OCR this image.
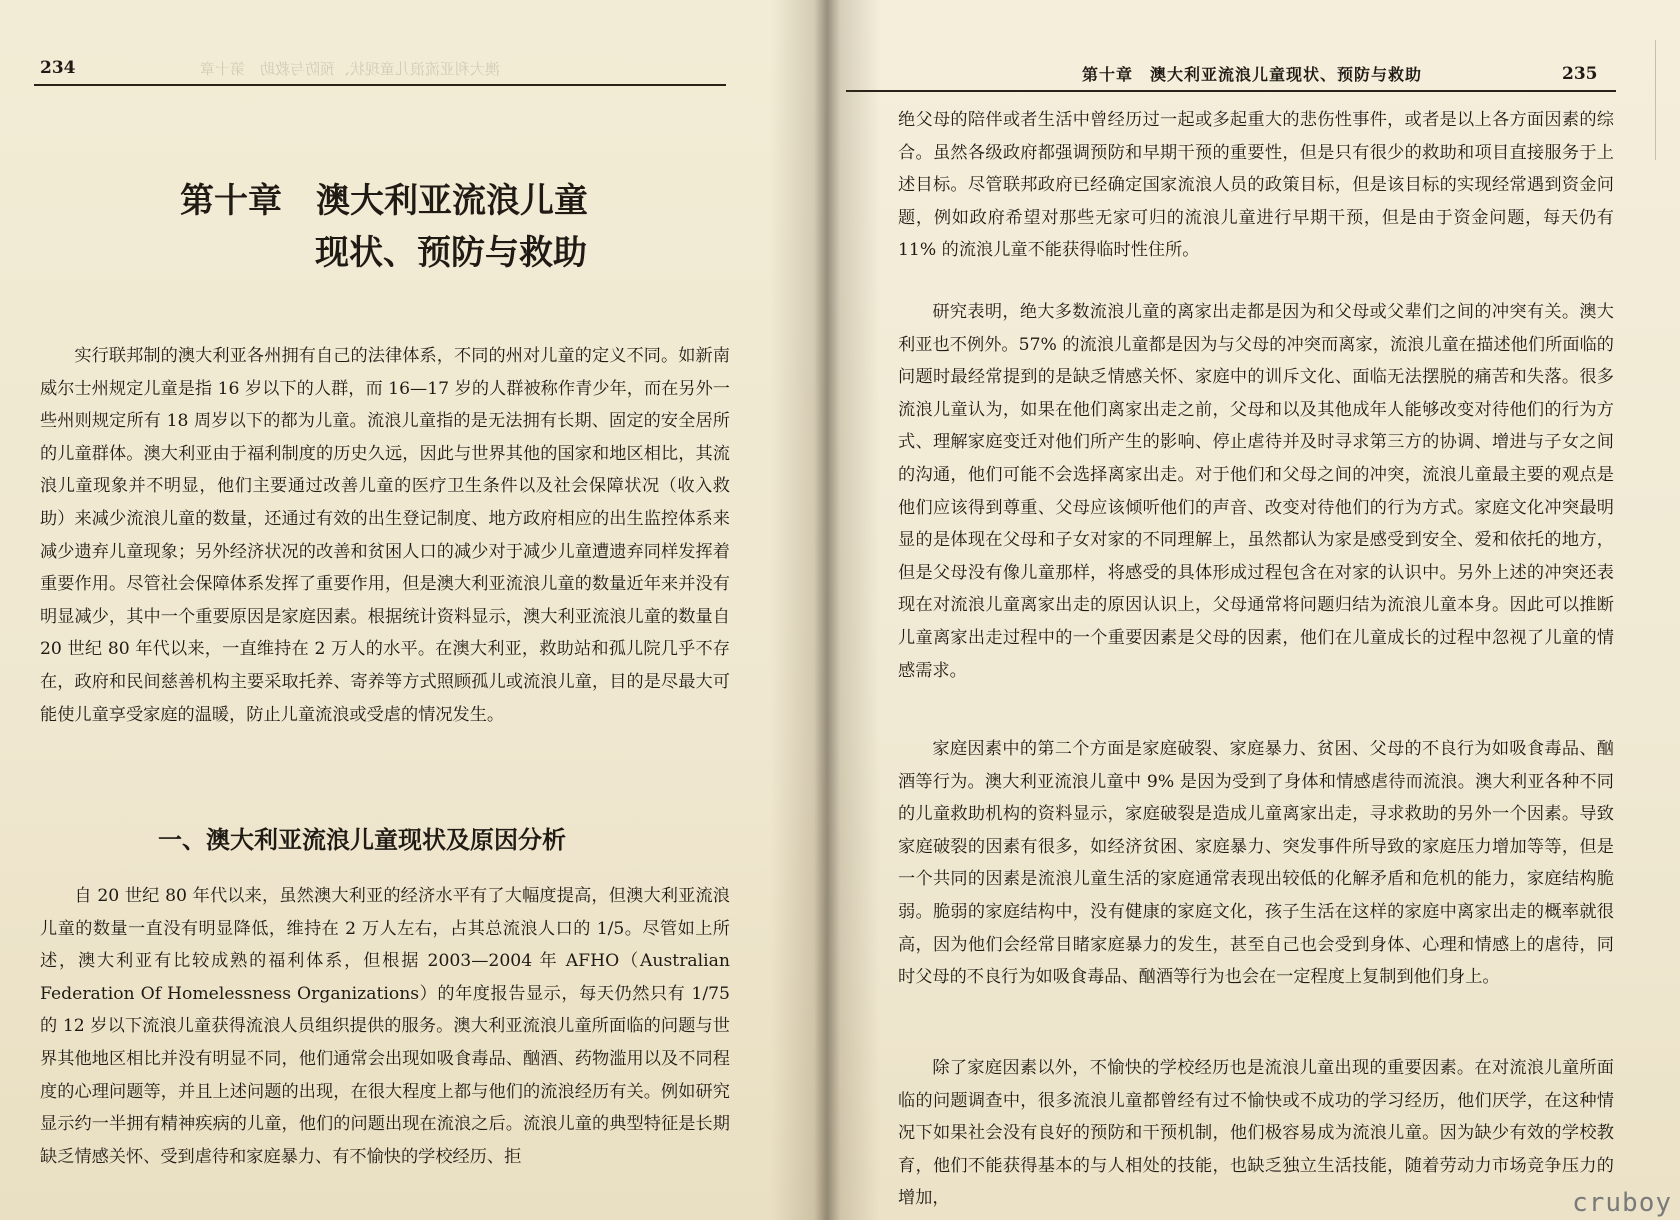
234	澳大利亚流浪儿童现状、预防与救助　第十章
第十章　澳大利亚流浪儿童
现状、预防与救助
实行联邦制的澳大利亚各州拥有自己的法律体系，不同的州对儿童的定义不同。如新南威尔士州规定儿童是指 16 岁以下的人群，而 16—17 岁的人群被称作青少年，而在另外一些州则规定所有 18 周岁以下的都为儿童。流浪儿童指的是无法拥有长期、固定的安全居所的儿童群体。澳大利亚由于福利制度的历史久远，因此与世界其他的国家和地区相比，其流浪儿童现象并不明显，他们主要通过改善儿童的医疗卫生条件以及社会保障状况（收入救助）来减少流浪儿童的数量，还通过有效的出生登记制度、地方政府相应的出生监控体系来减少遗弃儿童现象；另外经济状况的改善和贫困人口的减少对于减少儿童遭遗弃同样发挥着重要作用。尽管社会保障体系发挥了重要作用，但是澳大利亚流浪儿童的数量近年来并没有明显减少，其中一个重要原因是家庭因素。根据统计资料显示，澳大利亚流浪儿童的数量自 20 世纪 80 年代以来，一直维持在 2 万人的水平。在澳大利亚，救助站和孤儿院几乎不存在，政府和民间慈善机构主要采取托养、寄养等方式照顾孤儿或流浪儿童，目的是尽最大可能使儿童享受家庭的温暖，防止儿童流浪或受虐的情况发生。
一、澳大利亚流浪儿童现状及原因分析
自 20 世纪 80 年代以来，虽然澳大利亚的经济水平有了大幅度提高，但澳大利亚流浪儿童的数量一直没有明显降低，维持在 2 万人左右，占其总流浪人口的 1/5。尽管如上所述，澳大利亚有比较成熟的福利体系，但根据 2003—2004 年 AFHO（Australian Federation Of Homelessness Organizations）的年度报告显示，每天仍然只有 1/75 的 12 岁以下流浪儿童获得流浪人员组织提供的服务。澳大利亚流浪儿童所面临的问题与世界其他地区相比并没有明显不同，他们通常会出现如吸食毒品、酗酒、药物滥用以及不同程度的心理问题等，并且上述问题的出现，在很大程度上都与他们的流浪经历有关。例如研究显示约一半拥有精神疾病的儿童，他们的问题出现在流浪之后。流浪儿童的典型特征是长期缺乏情感关怀、受到虐待和家庭暴力、有不愉快的学校经历、拒
第十章　澳大利亚流浪儿童现状、预防与救助	235
绝父母的陪伴或者生活中曾经历过一起或多起重大的悲伤性事件，或者是以上各方面因素的综合。虽然各级政府都强调预防和早期干预的重要性，但是只有很少的救助和项目直接服务于上述目标。尽管联邦政府已经确定国家流浪人员的政策目标，但是该目标的实现经常遇到资金问题，例如政府希望对那些无家可归的流浪儿童进行早期干预，但是由于资金问题，每天仍有 11% 的流浪儿童不能获得临时性住所。
研究表明，绝大多数流浪儿童的离家出走都是因为和父母或父辈们之间的冲突有关。澳大利亚也不例外。57% 的流浪儿童都是因为与父母的冲突而离家，流浪儿童在描述他们所面临的问题时最经常提到的是缺乏情感关怀、家庭中的训斥文化、面临无法摆脱的痛苦和失落。很多流浪儿童认为，如果在他们离家出走之前，父母和以及其他成年人能够改变对待他们的行为方式、理解家庭变迁对他们所产生的影响、停止虐待并及时寻求第三方的协调、增进与子女之间的沟通，他们可能不会选择离家出走。对于他们和父母之间的冲突，流浪儿童最主要的观点是他们应该得到尊重、父母应该倾听他们的声音、改变对待他们的行为方式。家庭文化冲突最明显的是体现在父母和子女对家的不同理解上，虽然都认为家是感受到安全、爱和依托的地方，但是父母没有像儿童那样，将感受的具体形成过程包含在对家的认识中。另外上述的冲突还表现在对流浪儿童离家出走的原因认识上，父母通常将问题归结为流浪儿童本身。因此可以推断儿童离家出走过程中的一个重要因素是父母的因素，他们在儿童成长的过程中忽视了儿童的情感需求。
家庭因素中的第二个方面是家庭破裂、家庭暴力、贫困、父母的不良行为如吸食毒品、酗酒等行为。澳大利亚流浪儿童中 9% 是因为受到了身体和情感虐待而流浪。澳大利亚各种不同的儿童救助机构的资料显示，家庭破裂是造成儿童离家出走，寻求救助的另外一个因素。导致家庭破裂的因素有很多，如经济贫困、家庭暴力、突发事件所导致的家庭压力增加等等，但是一个共同的因素是流浪儿童生活的家庭通常表现出较低的化解矛盾和危机的能力，家庭结构脆弱。脆弱的家庭结构中，没有健康的家庭文化，孩子生活在这样的家庭中离家出走的概率就很高，因为他们会经常目睹家庭暴力的发生，甚至自己也会受到身体、心理和情感上的虐待，同时父母的不良行为如吸食毒品、酗酒等行为也会在一定程度上复制到他们身上。
除了家庭因素以外，不愉快的学校经历也是流浪儿童出现的重要因素。在对流浪儿童所面临的问题调查中，很多流浪儿童都曾经有过不愉快或不成功的学习经历，他们厌学，在这种情况下如果社会没有良好的预防和干预机制，他们极容易成为流浪儿童。因为缺少有效的学校教育，他们不能获得基本的与人相处的技能，也缺乏独立生活技能，随着劳动力市场竞争压力的增加，	cruboy
